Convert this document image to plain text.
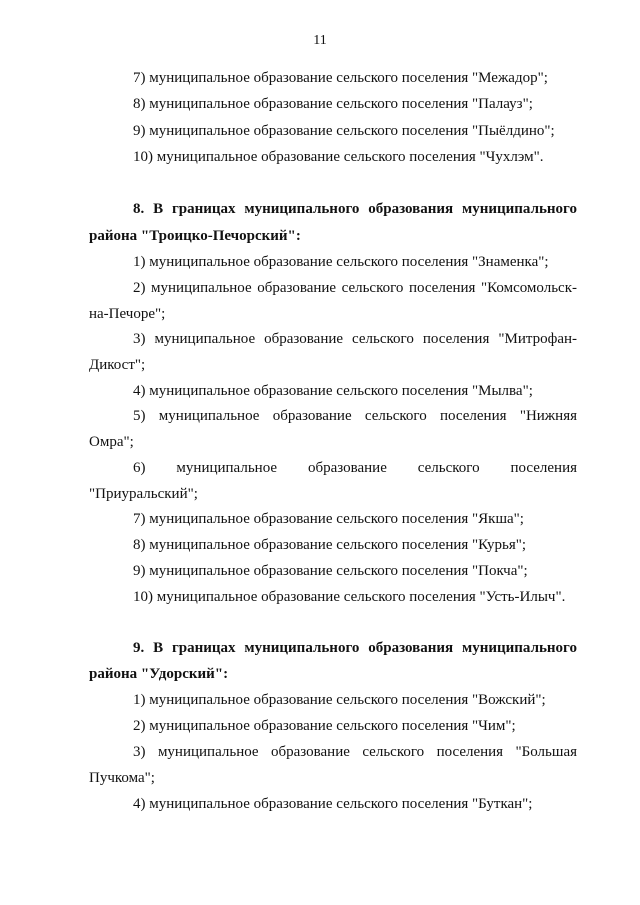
11
7) муниципальное образование сельского поселения "Межадор";
8) муниципальное образование сельского поселения "Палауз";
9) муниципальное образование сельского поселения "Пыёлдино";
10) муниципальное образование сельского поселения "Чухлэм".
8. В границах муниципального образования муниципального
района "Троицко-Печорский":
1) муниципальное образование сельского поселения "Знаменка";
2) муниципальное образование сельского поселения "Комсомольск-
на-Печоре";
3) муниципальное образование сельского поселения "Митрофан-
Дикост";
4) муниципальное образование сельского поселения "Мылва";
5) муниципальное образование сельского поселения "Нижняя
Омра";
6) муниципальное образование сельского поселения
"Приуральский";
7) муниципальное образование сельского поселения "Якша";
8) муниципальное образование сельского поселения "Курья";
9) муниципальное образование сельского поселения "Покча";
10) муниципальное образование сельского поселения "Усть-Илыч".
9. В границах муниципального образования муниципального
района "Удорский":
1) муниципальное образование сельского поселения "Вожский";
2) муниципальное образование сельского поселения "Чим";
3) муниципальное образование сельского поселения "Большая
Пучкома";
4) муниципальное образование сельского поселения "Буткан";
